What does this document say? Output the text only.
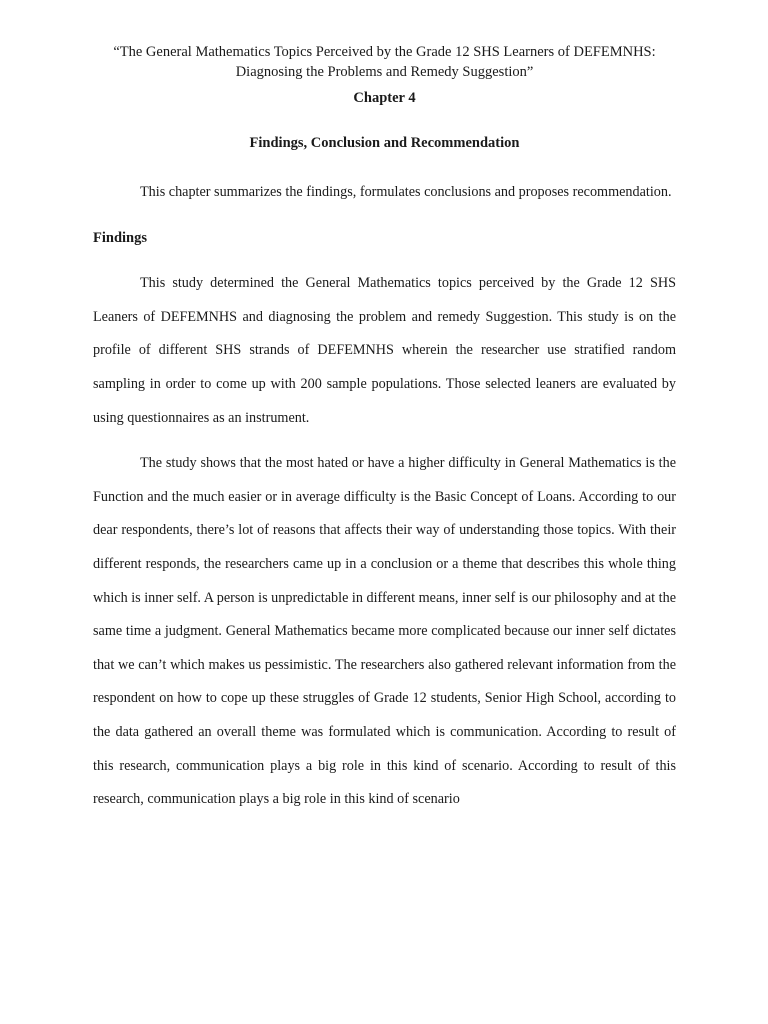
“The General Mathematics Topics Perceived by the Grade 12 SHS Learners of DEFEMNHS:
Diagnosing the Problems and Remedy Suggestion”

Chapter 4
Findings, Conclusion and Recommendation

This chapter summarizes the findings, formulates conclusions and proposes recommendation.

Findings

This study determined the General Mathematics topics perceived by the Grade 12 SHS Leaners of DEFEMNHS and diagnosing the problem and remedy Suggestion. This study is on the profile of different SHS strands of DEFEMNHS wherein the researcher use stratified random sampling in order to come up with 200 sample populations. Those selected leaners are evaluated by using questionnaires as an instrument.

The study shows that the most hated or have a higher difficulty in General Mathematics is the Function and the much easier or in average difficulty is the Basic Concept of Loans. According to our dear respondents, there’s lot of reasons that affects their way of understanding those topics. With their different responds, the researchers came up in a conclusion or a theme that describes this whole thing which is inner self. A person is unpredictable in different means, inner self is our philosophy and at the same time a judgment. General Mathematics became more complicated because our inner self dictates that we can’t which makes us pessimistic. The researchers also gathered relevant information from the respondent on how to cope up these struggles of Grade 12 students, Senior High School, according to the data gathered an overall theme was formulated which is communication. According to result of this research, communication plays a big role in this kind of scenario. According to result of this research, communication plays a big role in this kind of scenario
